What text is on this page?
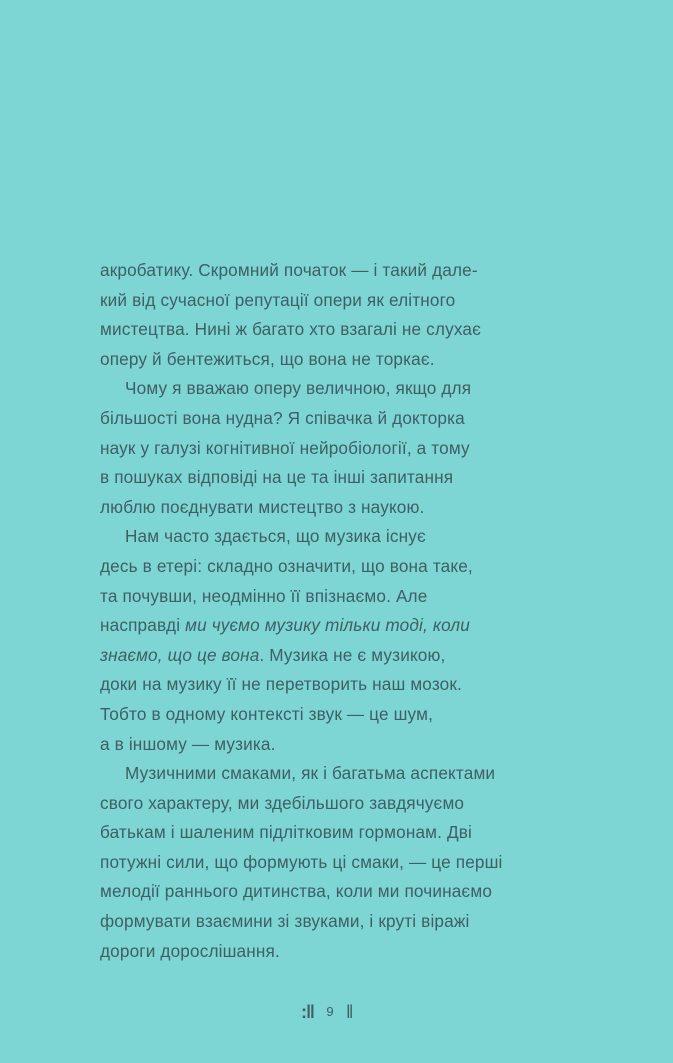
акробатику. Скромний початок — і такий дале-
кий від сучасної репутації опери як елітного
мистецтва. Нині ж багато хто взагалі не слухає
оперу й бентежиться, що вона не торкає.
Чому я вважаю оперу величною, якщо для
більшості вона нудна? Я співачка й докторка
наук у галузі когнітивної нейробіології, а тому
в пошуках відповіді на це та інші запитання
люблю поєднувати мистецтво з наукою.
Нам часто здається, що музика існує
десь в етері: складно означити, що вона таке,
та почувши, неодмінно її впізнаємо. Але
насправді ми чуємо музику тільки тоді, коли
знаємо, що це вона. Музика не є музикою,
доки на музику її не перетворить наш мозок.
Тобто в одному контексті звук — це шум,
а в іншому — музика.
Музичними смаками, як і багатьма аспектами
свого характеру, ми здебільшого завдячуємо
батькам і шаленим підлітковим гормонам. Дві
потужні сили, що формують ці смаки, — це перші
мелодії раннього дитинства, коли ми починаємо
формувати взаємини зі звуками, і круті віражі
дороги дорослішання.
:‖ 9 ‖
